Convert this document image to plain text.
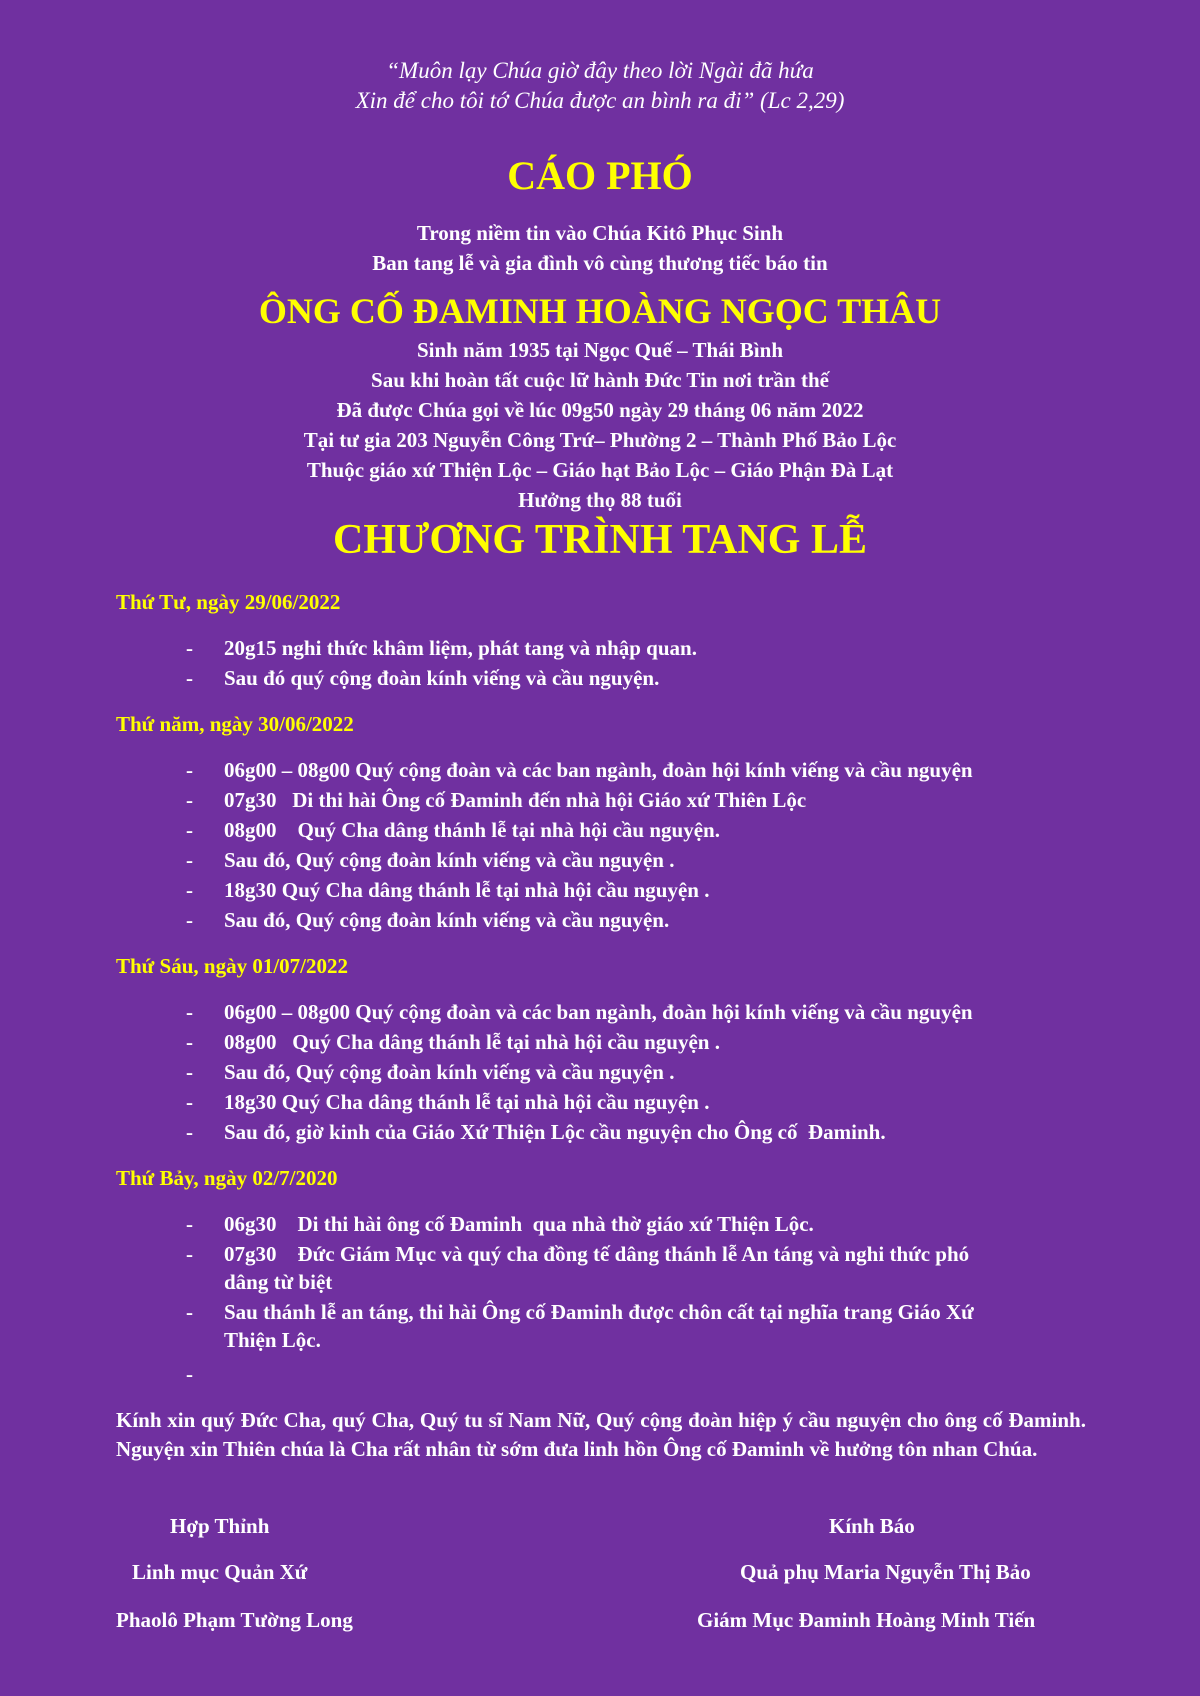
“Muôn lạy Chúa giờ đây theo lời Ngài đã hứa
Xin để cho tôi tớ Chúa được an bình ra đi” (Lc 2,29)
CÁO PHÓ
Trong niềm tin vào Chúa Kitô Phục Sinh
Ban tang lễ và gia đình vô cùng thương tiếc báo tin
ÔNG CỐ ĐAMINH HOÀNG NGỌC THÂU
Sinh năm 1935 tại Ngọc Quế – Thái Bình
Sau khi hoàn tất cuộc lữ hành Đức Tin nơi trần thế
Đã được Chúa gọi về lúc 09g50 ngày 29 tháng 06 năm 2022
Tại tư gia 203 Nguyễn Công Trứ– Phường 2 – Thành Phố Bảo Lộc
Thuộc giáo xứ Thiện Lộc – Giáo hạt Bảo Lộc – Giáo Phận Đà Lạt
Hưởng thọ 88 tuổi
CHƯƠNG TRÌNH TANG LỄ
Thứ Tư, ngày 29/06/2022
- 20g15 nghi thức khâm liệm, phát tang và nhập quan.
- Sau đó quý cộng đoàn kính viếng và cầu nguyện.
Thứ năm, ngày 30/06/2022
- 06g00 – 08g00 Quý cộng đoàn và các ban ngành, đoàn hội kính viếng và cầu nguyện
- 07g30   Di thi hài Ông cố Đaminh đến nhà hội Giáo xứ Thiên Lộc
- 08g00    Quý Cha dâng thánh lễ tại nhà hội cầu nguyện.
- Sau đó, Quý cộng đoàn kính viếng và cầu nguyện .
- 18g30 Quý Cha dâng thánh lễ tại nhà hội cầu nguyện .
- Sau đó, Quý cộng đoàn kính viếng và cầu nguyện.
Thứ Sáu, ngày 01/07/2022
- 06g00 – 08g00 Quý cộng đoàn và các ban ngành, đoàn hội kính viếng và cầu nguyện
- 08g00   Quý Cha dâng thánh lễ tại nhà hội cầu nguyện .
- Sau đó, Quý cộng đoàn kính viếng và cầu nguyện .
- 18g30 Quý Cha dâng thánh lễ tại nhà hội cầu nguyện .
- Sau đó, giờ kinh của Giáo Xứ Thiện Lộc cầu nguyện cho Ông cố  Đaminh.
Thứ Bảy, ngày 02/7/2020
- 06g30    Di thi hài ông cố Đaminh  qua nhà thờ giáo xứ Thiện Lộc.
- 07g30    Đức Giám Mục và quý cha đồng tế dâng thánh lễ An táng và nghi thức phó
dâng từ biệt
- Sau thánh lễ an táng, thi hài Ông cố Đaminh được chôn cất tại nghĩa trang Giáo Xứ
Thiện Lộc.
-
Kính xin quý Đức Cha, quý Cha, Quý tu sĩ Nam Nữ, Quý cộng đoàn hiệp ý cầu nguyện cho ông cố Đaminh. Nguyện xin Thiên chúa là Cha rất nhân từ sớm đưa linh hồn Ông cố Đaminh về hưởng tôn nhan Chúa.
Hợp Thỉnh
Linh mục Quản Xứ
Phaolô Phạm Tường Long
Kính Báo
Quả phụ Maria Nguyễn Thị Bảo
Giám Mục Đaminh Hoàng Minh Tiến
